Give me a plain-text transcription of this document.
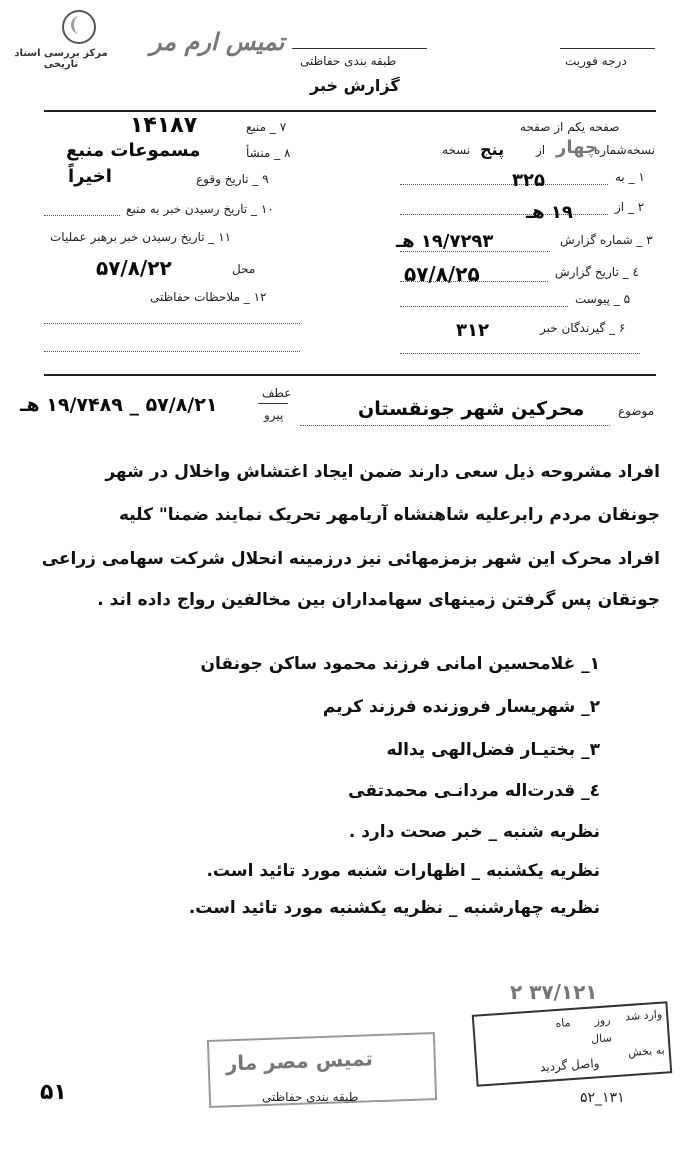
مرکز بررسی اسناد تاریخی
تمیس ارم مر
درجه فوریت
طبقه بندی حفاظتی
گزارش خبر
صفحه یکم از صفحه
نسخه‌شماره
چهار
از
پنج
نسخه
۱ _ به
۳۲۵
۲ _ از
۱۹ هـ
۳ _ شماره گزارش
۱۹/۷۲۹۳ هـ
٤ _ تاریخ گزارش
۵۷/۸/۲۵
۵ _ پیوست
۶ _ گیرندگان خبر
۳۱۲
۷ _ منبع
۱۴۱۸۷
۸ _ منشأ
مسموعات منبع
۹ _ تاریخ وقوع
اخیراً
۱۰ _ تاریخ رسیدن خبر به منبع
۱۱ _ تاریخ رسیدن خبر برهبر عملیات
محل
۵۷/۸/۲۲
۱۲ _ ملاحظات حفاظتی
موضوع
محرکین شهر جونقستان
عطف
پیرو
۵۷/۸/۲۱ _ ۱۹/۷۴۸۹ هـ
افراد مشروحه ذیل سعی دارند ضمن ایجاد اغتشاش واخلال در شهر
جونقان مردم رابرعلیه شاهنشاه آریامهر تحریک نمایند ضمنا" کلیه
افراد محرک این شهر بزمزمهائی نیز درزمینه انحلال شرکت سهامی زراعی
جونقان پس گرفتن زمینهای سهامداران بین مخالفین رواج داده اند .
۱_ غلامحسین امانی فرزند محمود ساکن جونقان
۲_ شهریسار فروزنده فرزند کریم
۳_ بختیـار فضل‌الهی یداله
٤_ قدرت‌اله مردانـی محمدتقی
نظریه شنبه _ خبر صحت دارد .
نظریه یکشنبه _ اظهارات شنبه مورد تائید است.
نظریه چهارشنبه _ نظریه یکشنبه مورد تائید است.
۲ ۳۷/۱۲۱
وارد شد
روز
ماه
سال
به بخش
واصل گردید
۵۲_۱۳۱
تمیس مصر مار
طبقه بندی حفاظتی
۵۱
